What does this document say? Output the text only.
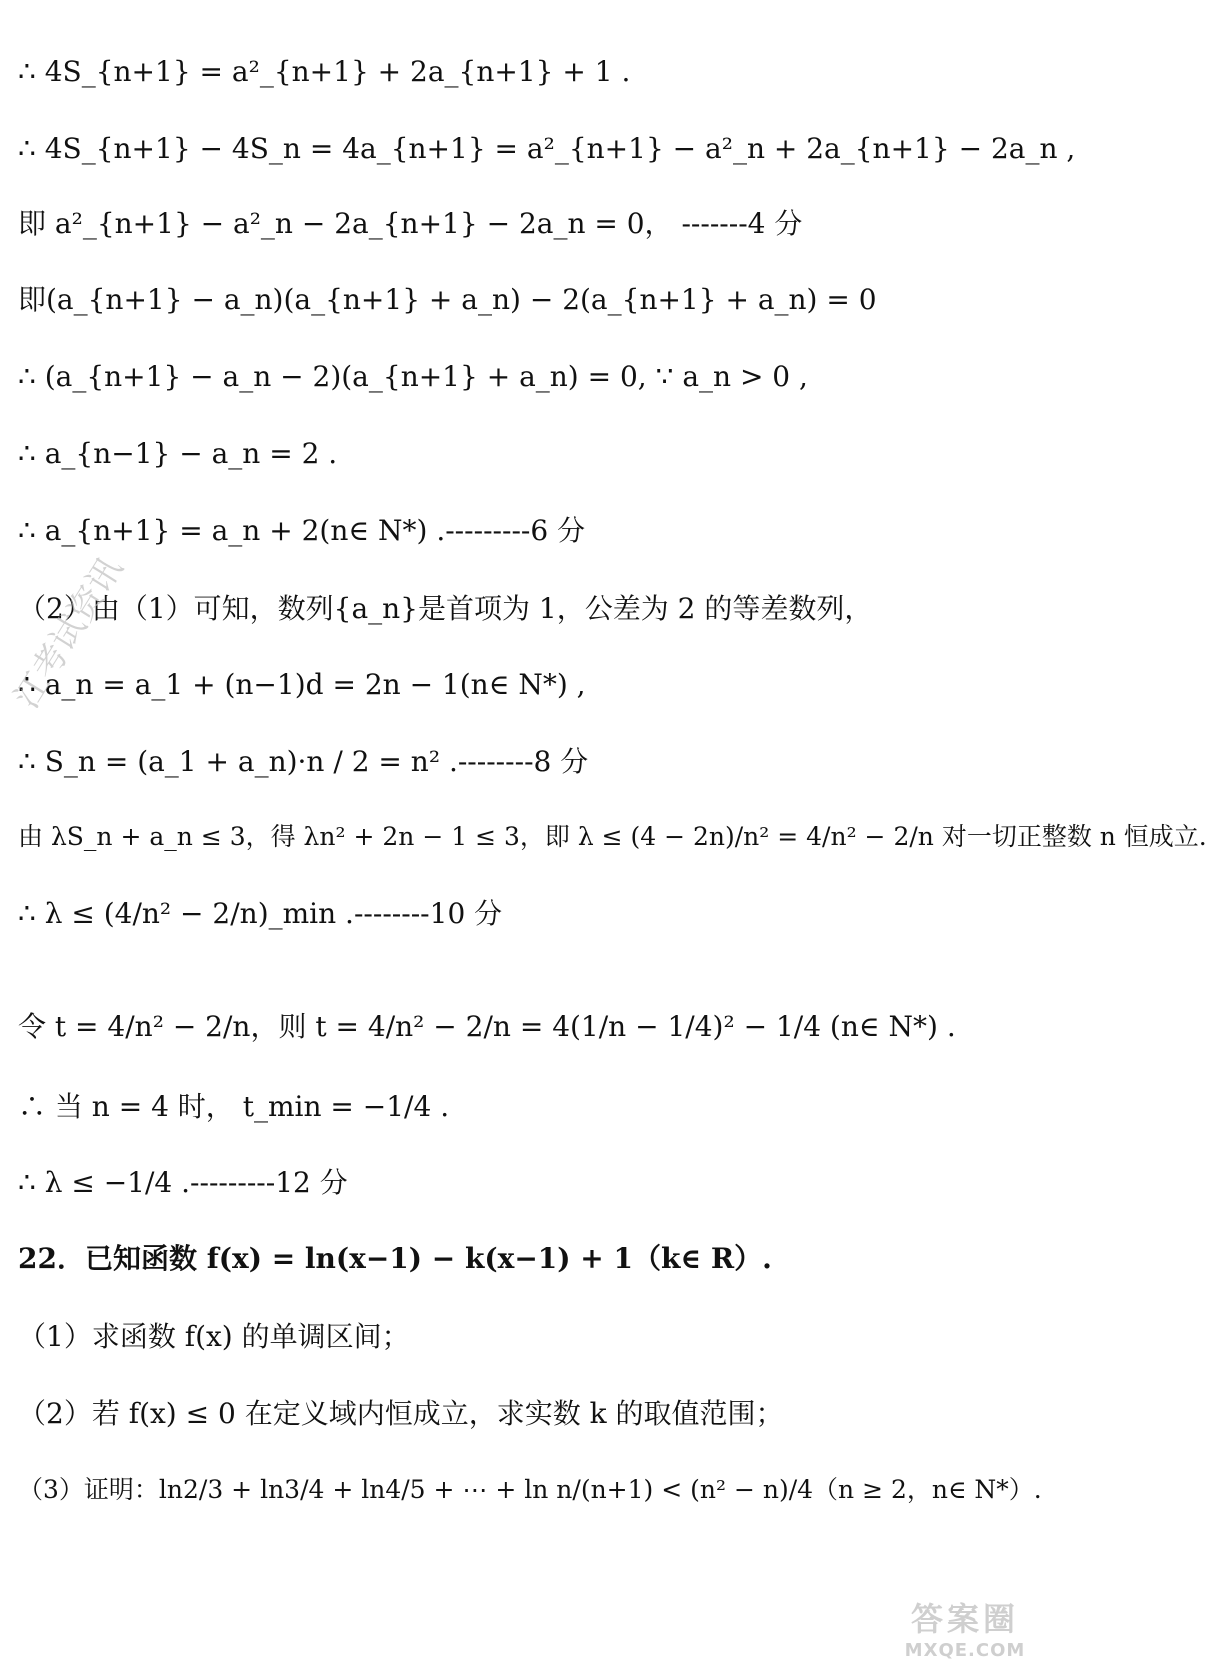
∴ 4S_{n+1} = a²_{n+1} + 2a_{n+1} + 1 .
∴ 4S_{n+1} − 4S_n = 4a_{n+1} = a²_{n+1} − a²_n + 2a_{n+1} − 2a_n ,
即 a²_{n+1} − a²_n − 2a_{n+1} − 2a_n = 0， -------4 分
即(a_{n+1} − a_n)(a_{n+1} + a_n) − 2(a_{n+1} + a_n) = 0
∴ (a_{n+1} − a_n − 2)(a_{n+1} + a_n) = 0, ∵ a_n > 0 ,
∴ a_{n−1} − a_n = 2 .
∴ a_{n+1} = a_n + 2(n∈ N*) .---------6 分
（2）由（1）可知，数列{a_n}是首项为 1，公差为 2 的等差数列，
∴ a_n = a_1 + (n−1)d = 2n − 1(n∈ N*) ,
∴ S_n = (a_1 + a_n)·n / 2 = n² .--------8 分
由 λS_n + a_n ≤ 3，得 λn² + 2n − 1 ≤ 3，即 λ ≤ (4 − 2n)/n² = 4/n² − 2/n 对一切正整数 n 恒成立.
∴ λ ≤ (4/n² − 2/n)_min .--------10 分
令 t = 4/n² − 2/n，则 t = 4/n² − 2/n = 4(1/n − 1/4)² − 1/4 (n∈ N*) .
∴ 当 n = 4 时， t_min = −1/4 .
∴ λ ≤ −1/4 .---------12 分
22．已知函数 f(x) = ln(x−1) − k(x−1) + 1（k∈ R）.
（1）求函数 f(x) 的单调区间；
（2）若 f(x) ≤ 0 在定义域内恒成立，求实数 k 的取值范围；
（3）证明：ln2/3 + ln3/4 + ln4/5 + ⋯ + ln n/(n+1) < (n² − n)/4（n ≥ 2，n∈ N*）.
江考试资讯
答案圈
MXQE.COM
